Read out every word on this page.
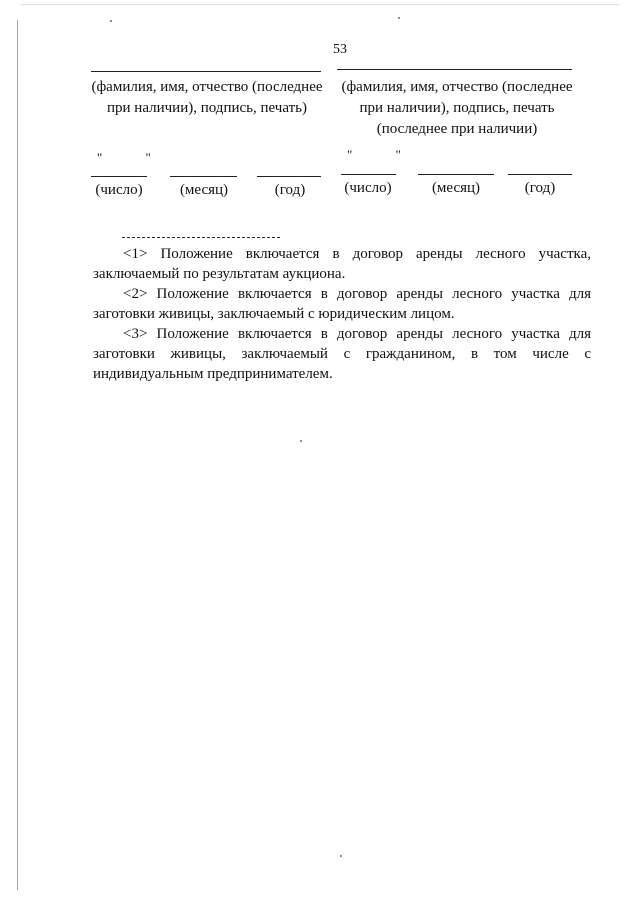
53
(фамилия, имя, отчество (последнее при наличии), подпись, печать)
" "
(число)	(месяц)	(год)
(фамилия, имя, отчество (последнее при наличии), подпись, печать (последнее при наличии)
" "
(число)	(месяц)	(год)

<1> Положение включается в договор аренды лесного участка, заключаемый по результатам аукциона.

<2> Положение включается в договор аренды лесного участка для заготовки живицы, заключаемый с юридическим лицом.

<3> Положение включается в договор аренды лесного участка для заготовки живицы, заключаемый с гражданином, в том числе с индивидуальным предпринимателем.
